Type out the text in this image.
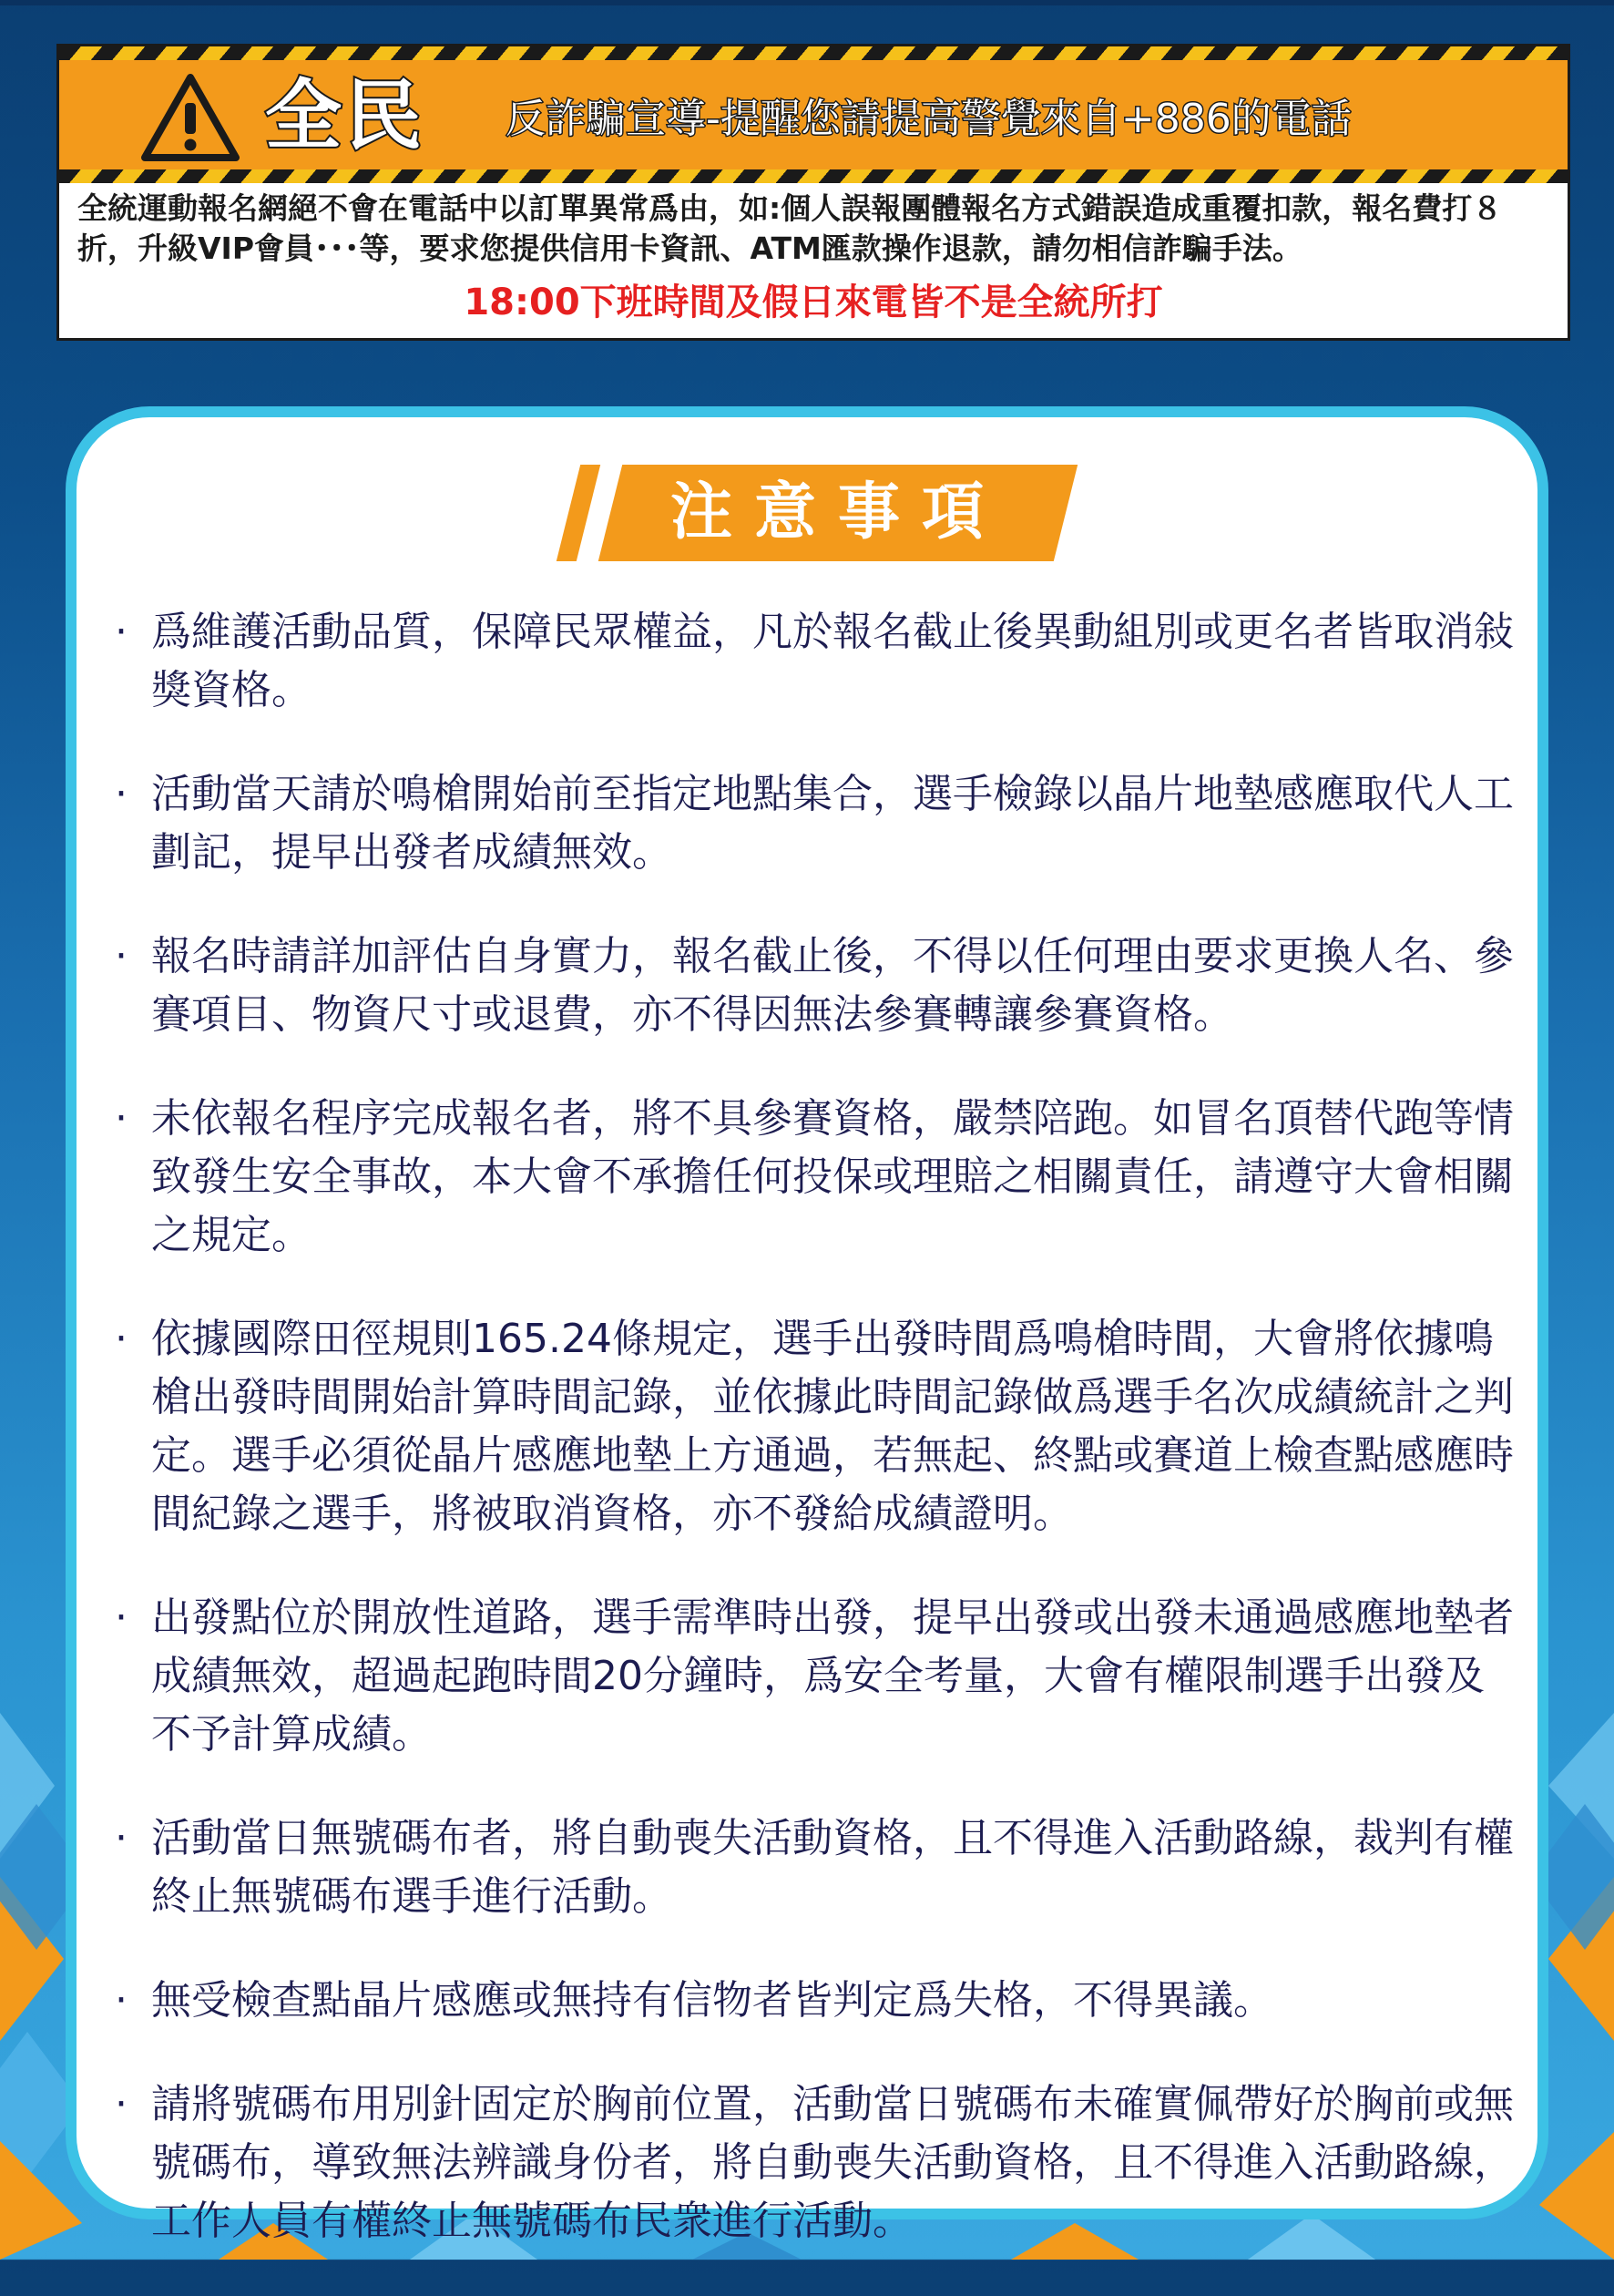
全民 反詐騙宣導-提醒您請提高警覺來自+886的電話
全統運動報名網絕不會在電話中以訂單異常爲由，如:個人誤報團體報名方式錯誤造成重覆扣款，報名費打８折，升級VIP會員･･･等，要求您提供信用卡資訊、ATM匯款操作退款，請勿相信詐騙手法。
18:00下班時間及假日來電皆不是全統所打
注意事項
· 爲維護活動品質，保障民眾權益，凡於報名截止後異動組別或更名者皆取消敍獎資格。
· 活動當天請於鳴槍開始前至指定地點集合，選手檢錄以晶片地墊感應取代人工劃記，提早出發者成績無效。
· 報名時請詳加評估自身實力，報名截止後，不得以任何理由要求更換人名、參賽項目、物資尺寸或退費，亦不得因無法參賽轉讓參賽資格。
· 未依報名程序完成報名者，將不具參賽資格，嚴禁陪跑。如冒名頂替代跑等情致發生安全事故，本大會不承擔任何投保或理賠之相關責任，請遵守大會相關之規定。
· 依據國際田徑規則165.24條規定，選手出發時間爲鳴槍時間，大會將依據鳴槍出發時間開始計算時間記錄，並依據此時間記錄做爲選手名次成績統計之判定。選手必須從晶片感應地墊上方通過，若無起、終點或賽道上檢查點感應時間紀錄之選手，將被取消資格，亦不發給成績證明。
· 出發點位於開放性道路，選手需準時出發，提早出發或出發未通過感應地墊者成績無效，超過起跑時間20分鐘時，爲安全考量，大會有權限制選手出發及不予計算成績。
· 活動當日無號碼布者，將自動喪失活動資格，且不得進入活動路線，裁判有權終止無號碼布選手進行活動。
· 無受檢查點晶片感應或無持有信物者皆判定爲失格，不得異議。
· 請將號碼布用別針固定於胸前位置，活動當日號碼布未確實佩帶好於胸前或無號碼布，導致無法辨識身份者，將自動喪失活動資格，且不得進入活動路線，工作人員有權終止無號碼布民衆進行活動。
